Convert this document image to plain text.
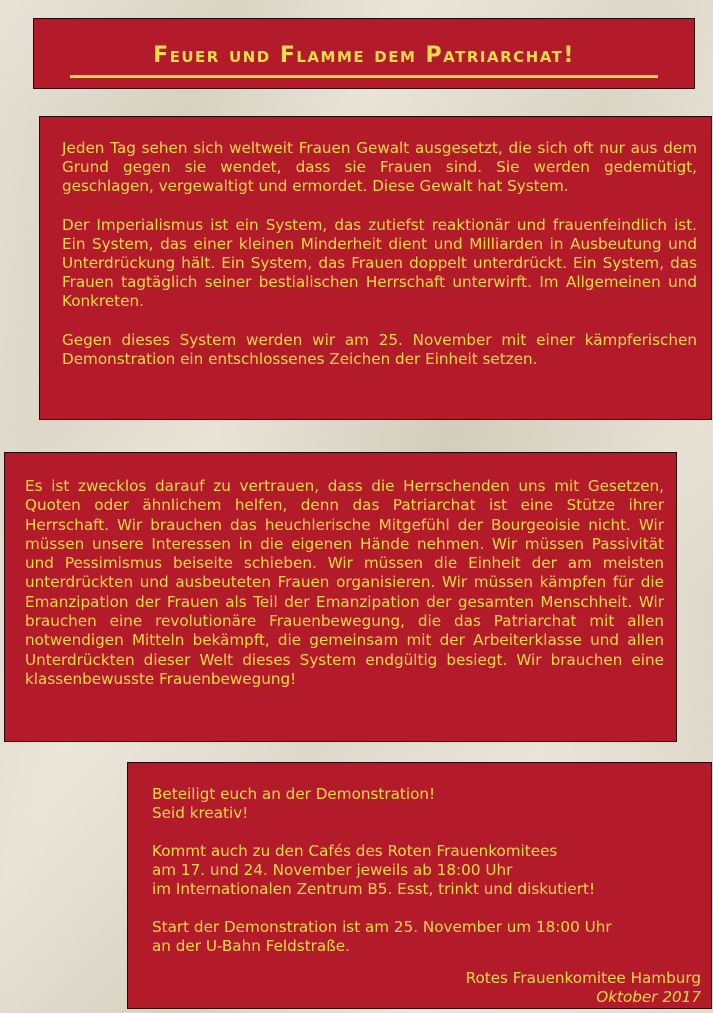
Feuer und Flamme dem Patriarchat!

Jeden Tag sehen sich weltweit Frauen Gewalt ausgesetzt, die sich oft nur aus dem Grund gegen sie wendet, dass sie Frauen sind. Sie werden gedemütigt, geschlagen, vergewaltigt und ermordet. Diese Gewalt hat System.

Der Imperialismus ist ein System, das zutiefst reaktionär und frauenfeindlich ist. Ein System, das einer kleinen Minderheit dient und Milliarden in Ausbeutung und Unterdrückung hält. Ein System, das Frauen doppelt unterdrückt. Ein System, das Frauen tagtäglich seiner bestialischen Herrschaft unterwirft. Im Allgemeinen und Konkreten.

Gegen dieses System werden wir am 25. November mit einer kämpferischen Demonstration ein entschlossenes Zeichen der Einheit setzen.

Es ist zwecklos darauf zu vertrauen, dass die Herrschenden uns mit Gesetzen, Quoten oder ähnlichem helfen, denn das Patriarchat ist eine Stütze ihrer Herrschaft. Wir brauchen das heuchlerische Mitgefühl der Bourgeoisie nicht. Wir müssen unsere Interessen in die eigenen Hände nehmen. Wir müssen Passivität und Pessimismus beiseite schieben. Wir müssen die Einheit der am meisten unterdrückten und ausbeuteten Frauen organisieren. Wir müssen kämpfen für die Emanzipation der Frauen als Teil der Emanzipation der gesamten Menschheit. Wir brauchen eine revolutionäre Frauenbewegung, die das Patriarchat mit allen notwendigen Mitteln bekämpft, die gemeinsam mit der Arbeiterklasse und allen Unterdrückten dieser Welt dieses System endgültig besiegt. Wir brauchen eine klassenbewusste Frauenbewegung!

Beteiligt euch an der Demonstration!
Seid kreativ!

Kommt auch zu den Cafés des Roten Frauenkomitees
am 17. und 24. November jeweils ab 18:00 Uhr
im Internationalen Zentrum B5. Esst, trinkt und diskutiert!

Start der Demonstration ist am 25. November um 18:00 Uhr
an der U-Bahn Feldstraße.

Rotes Frauenkomitee Hamburg
Oktober 2017
